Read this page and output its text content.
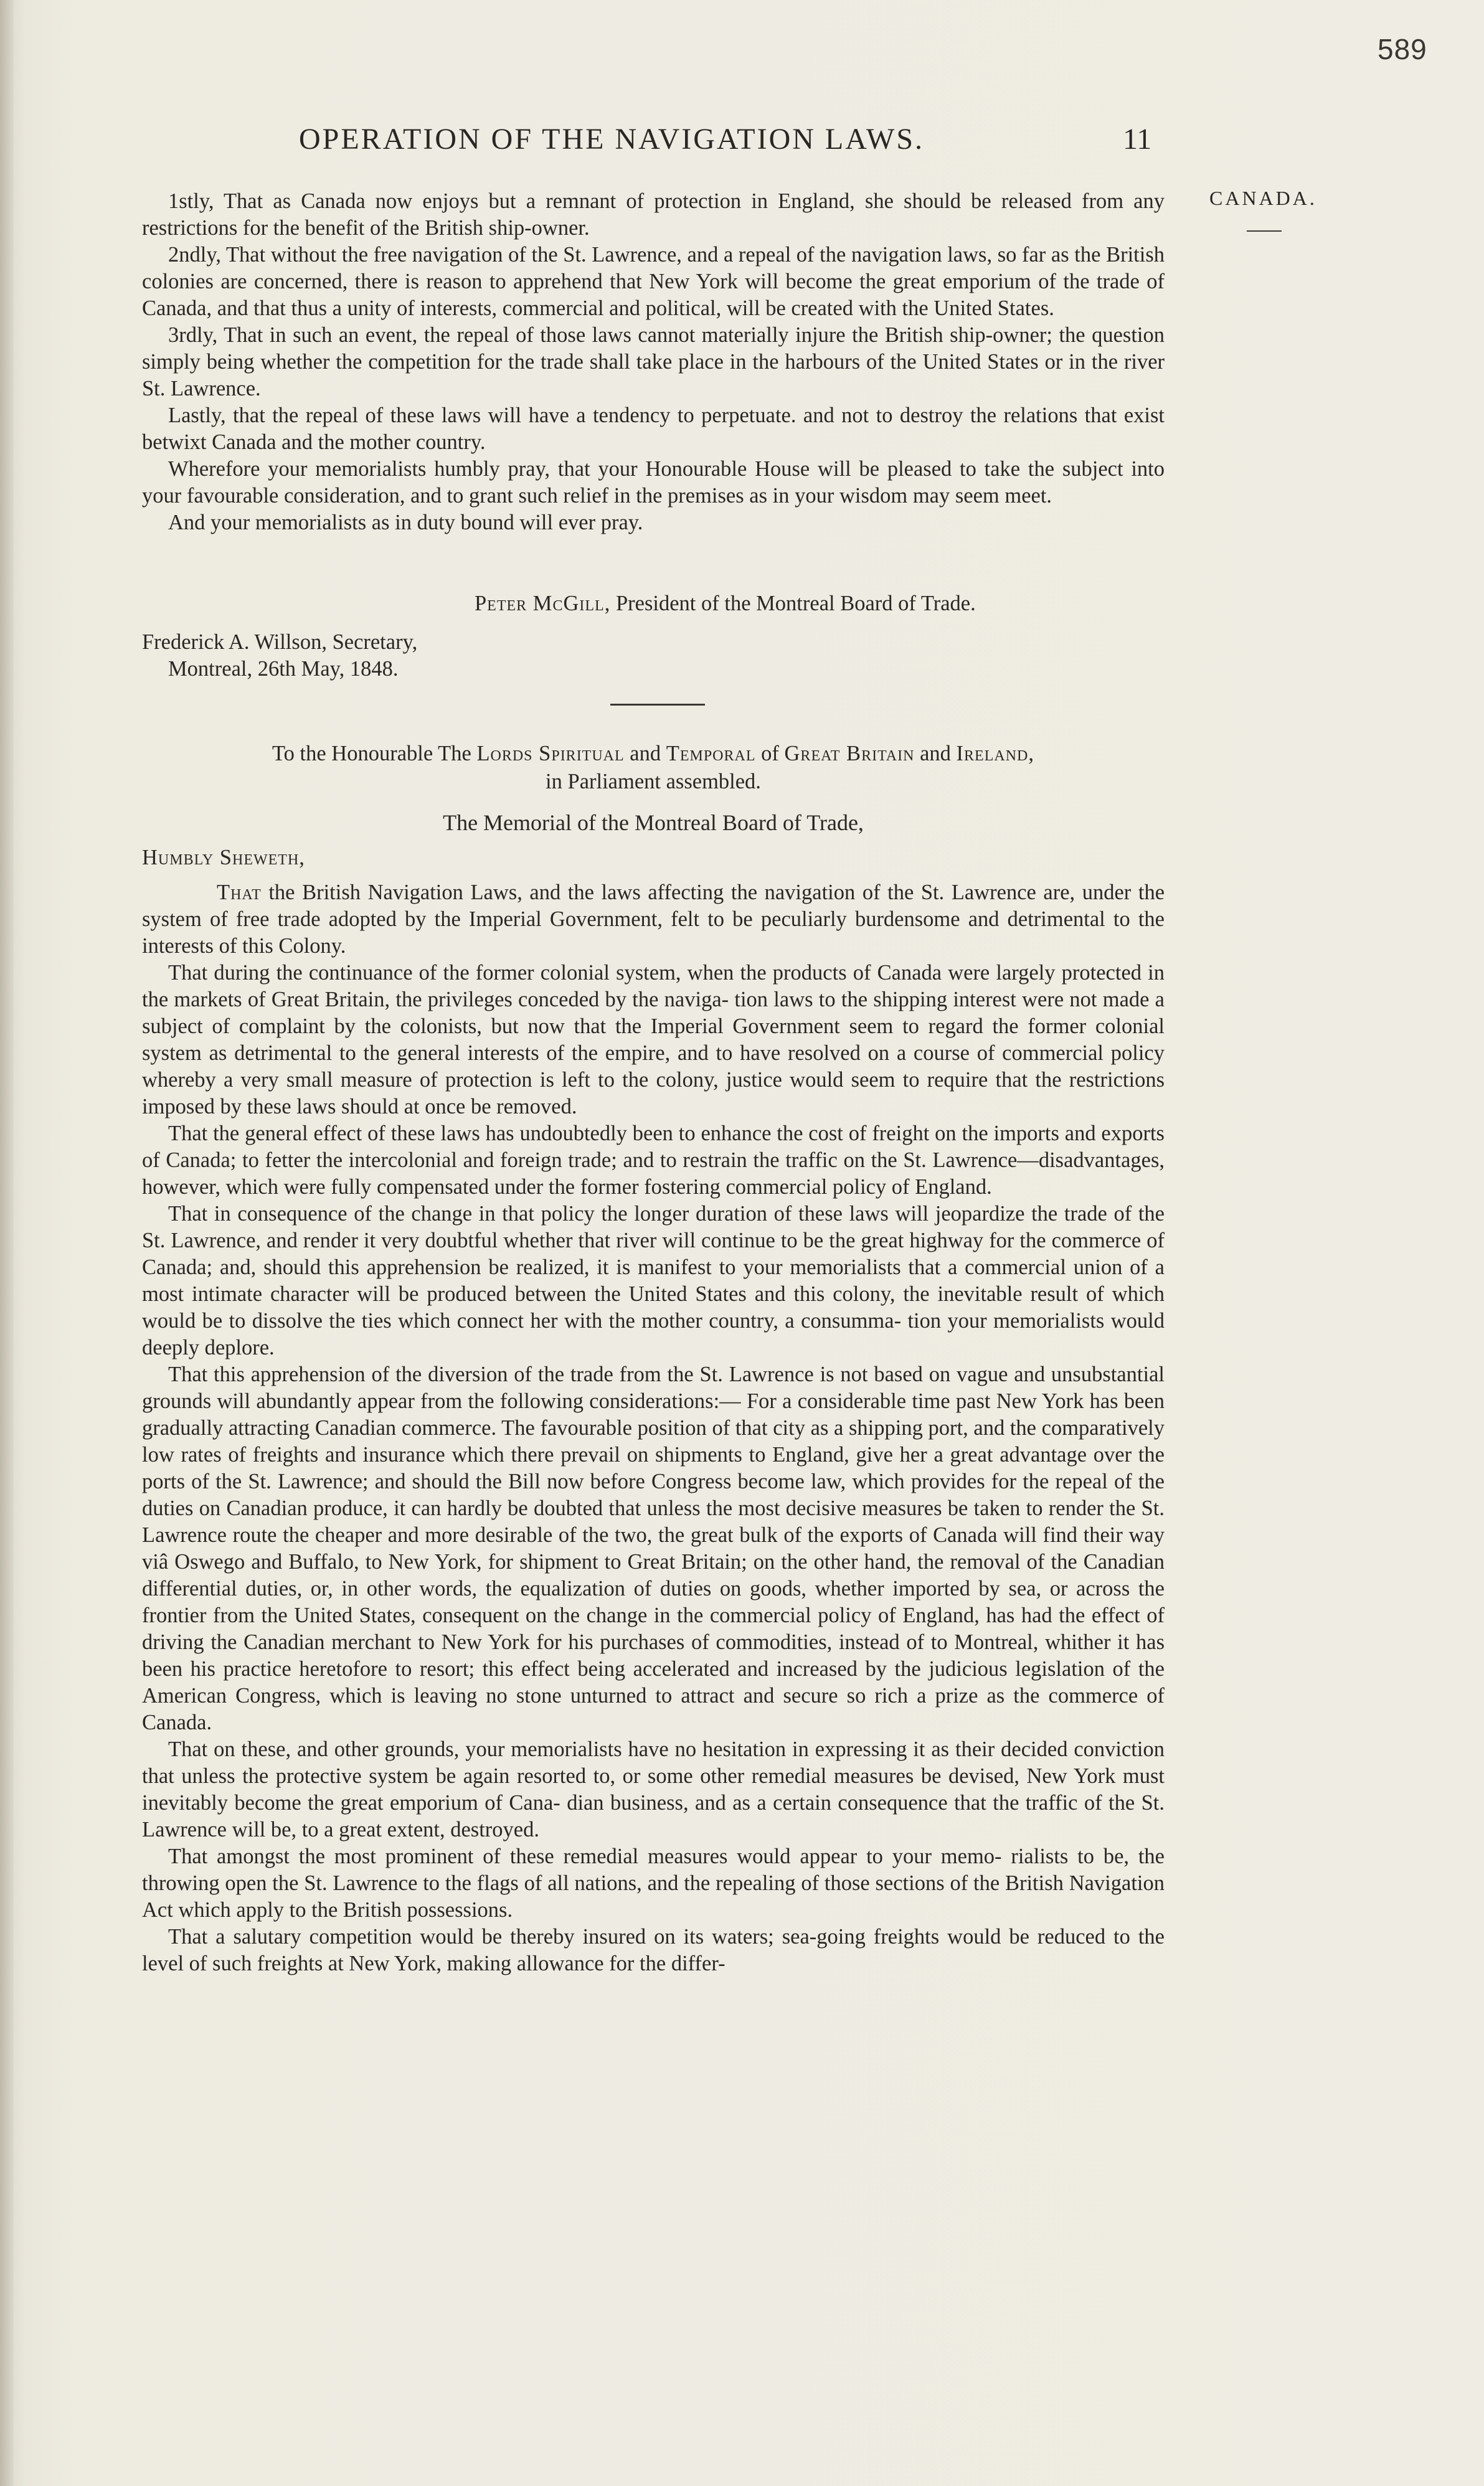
589
OPERATION OF THE NAVIGATION LAWS.	11
CANADA.

1stly, That as Canada now enjoys but a remnant of protection in England, she should be released from any restrictions for the benefit of the British ship-owner.

2ndly, That without the free navigation of the St. Lawrence, and a repeal of the navigation laws, so far as the British colonies are concerned, there is reason to apprehend that New York will become the great emporium of the trade of Canada, and that thus a unity of interests, commercial and political, will be created with the United States.

3rdly, That in such an event, the repeal of those laws cannot materially injure the British ship-owner; the question simply being whether the competition for the trade shall take place in the harbours of the United States or in the river St. Lawrence.

Lastly, that the repeal of these laws will have a tendency to perpetuate. and not to destroy the relations that exist betwixt Canada and the mother country.

Wherefore your memorialists humbly pray, that your Honourable House will be pleased to take the subject into your favourable consideration, and to grant such relief in the premises as in your wisdom may seem meet.

And your memorialists as in duty bound will ever pray.

Peter McGill, President of the Montreal Board of Trade.
Frederick A. Willson, Secretary,
Montreal, 26th May, 1848.
To the Honourable The Lords Spiritual and Temporal of Great Britain and Ireland,
in Parliament assembled.
The Memorial of the Montreal Board of Trade,
Humbly Sheweth,

That the British Navigation Laws, and the laws affecting the navigation of the St. Lawrence are, under the system of free trade adopted by the Imperial Government, felt to be peculiarly burdensome and detrimental to the interests of this Colony.

That during the continuance of the former colonial system, when the products of Canada were largely protected in the markets of Great Britain, the privileges conceded by the naviga- tion laws to the shipping interest were not made a subject of complaint by the colonists, but now that the Imperial Government seem to regard the former colonial system as detrimental to the general interests of the empire, and to have resolved on a course of commercial policy whereby a very small measure of protection is left to the colony, justice would seem to require that the restrictions imposed by these laws should at once be removed.

That the general effect of these laws has undoubtedly been to enhance the cost of freight on the imports and exports of Canada; to fetter the intercolonial and foreign trade; and to restrain the traffic on the St. Lawrence—disadvantages, however, which were fully compensated under the former fostering commercial policy of England.

That in consequence of the change in that policy the longer duration of these laws will jeopardize the trade of the St. Lawrence, and render it very doubtful whether that river will continue to be the great highway for the commerce of Canada; and, should this apprehension be realized, it is manifest to your memorialists that a commercial union of a most intimate character will be produced between the United States and this colony, the inevitable result of which would be to dissolve the ties which connect her with the mother country, a consumma- tion your memorialists would deeply deplore.

That this apprehension of the diversion of the trade from the St. Lawrence is not based on vague and unsubstantial grounds will abundantly appear from the following considerations:— For a considerable time past New York has been gradually attracting Canadian commerce. The favourable position of that city as a shipping port, and the comparatively low rates of freights and insurance which there prevail on shipments to England, give her a great advantage over the ports of the St. Lawrence; and should the Bill now before Congress become law, which provides for the repeal of the duties on Canadian produce, it can hardly be doubted that unless the most decisive measures be taken to render the St. Lawrence route the cheaper and more desirable of the two, the great bulk of the exports of Canada will find their way viâ Oswego and Buffalo, to New York, for shipment to Great Britain; on the other hand, the removal of the Canadian differential duties, or, in other words, the equalization of duties on goods, whether imported by sea, or across the frontier from the United States, consequent on the change in the commercial policy of England, has had the effect of driving the Canadian merchant to New York for his purchases of commodities, instead of to Montreal, whither it has been his practice heretofore to resort; this effect being accelerated and increased by the judicious legislation of the American Congress, which is leaving no stone unturned to attract and secure so rich a prize as the commerce of Canada.

That on these, and other grounds, your memorialists have no hesitation in expressing it as their decided conviction that unless the protective system be again resorted to, or some other remedial measures be devised, New York must inevitably become the great emporium of Cana- dian business, and as a certain consequence that the traffic of the St. Lawrence will be, to a great extent, destroyed.

That amongst the most prominent of these remedial measures would appear to your memo- rialists to be, the throwing open the St. Lawrence to the flags of all nations, and the repealing of those sections of the British Navigation Act which apply to the British possessions.

That a salutary competition would be thereby insured on its waters; sea-going freights would be reduced to the level of such freights at New York, making allowance for the differ-
